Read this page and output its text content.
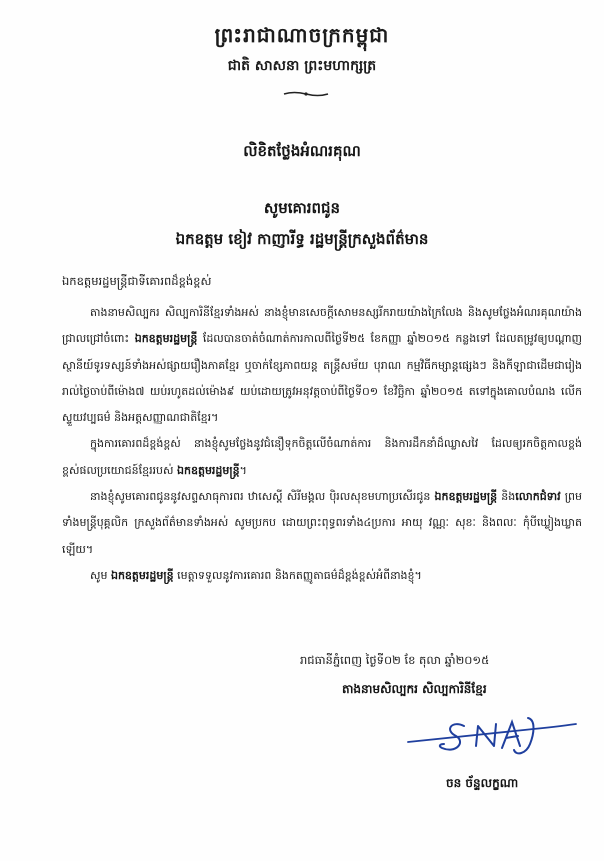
ព្រះរាជាណាចក្រកម្ពុជា
ជាតិ សាសនា ព្រះមហាក្សត្រ
លិខិតថ្លែងអំណរគុណ
សូមគោរពជូន
ឯកឧត្តម ខៀវ កាញារីទ្ធ រដ្ឋមន្ត្រីក្រសួងព័ត៌មាន
ឯកឧត្តមរដ្ឋមន្ត្រីជាទីគោរពដ៏ខ្ពង់ខ្ពស់

តាងនាមសិល្បករ សិល្បការិនីខ្មែរទាំងអស់ នាងខ្ញុំមានសេចក្តីសោមនស្សរីករាយយ៉ាងក្រៃលែង និងសូមថ្លែងអំណរគុណយ៉ាងជ្រាលជ្រៅចំពោះ ឯកឧត្តមរដ្ឋមន្ត្រី ដែលបានចាត់ចំណាត់ការកាលពីថ្ងៃទី២៥ ខែកញ្ញា ឆ្នាំ២០១៥ កន្លងទៅ ដែលតម្រូវឲ្យបណ្តាញស្ថានីយ៍ទូរទស្សន៍ទាំងអស់ផ្សាយរឿងភាគខ្មែរ ឬចាក់ខ្សែភាពយន្ត តន្ត្រីសម័យ បុរាណ កម្មវិធីកម្សាន្តផ្សេងៗ និងកីឡាជាដើមជារៀងរាល់ថ្ងៃចាប់ពីម៉ោង៧ យប់រហូតដល់ម៉ោង៩ យប់ដោយត្រូវអនុវត្តចាប់ពីថ្ងៃទី០១ ខែវិច្ឆិកា ឆ្នាំ២០១៥ តទៅក្នុងគោលបំណង លើកស្ទួយវប្បធម៌ និងអត្តសញ្ញាណជាតិខ្មែរ។

ក្នុងការគោរពដ៏ខ្ពង់ខ្ពស់ នាងខ្ញុំសូមថ្លែងនូវជំនឿទុកចិត្តលើចំណាត់ការ និងការដឹកនាំដ៏ឈ្លាសវៃ ដែលឲ្យរកចិត្តកាលខ្ពង់ខ្ពស់ផលប្រយោជន៍ខ្មែររបស់ ឯកឧត្តមរដ្ឋមន្ត្រី។

នាងខ្ញុំសូមគោរពជូននូវសព្ទសាធុការពរ ឋាសេស្តី សិរីមង្គល បុិរលសុខមហាប្រសើរជូន ឯកឧត្តមរដ្ឋមន្ត្រី និងលោកជំទាវ ព្រមទាំងមន្ត្រីបុគ្គលិក ក្រសួងព័ត៌មានទាំងអស់ សូមប្រកប ដោយព្រះពុទ្ធពរទាំង៤ប្រការ អាយុ វណ្ណៈ សុខៈ និងពលៈ កុំបីឃ្លៀងឃ្លាតឡើយ។

សូម ឯកឧត្តមរដ្ឋមន្ត្រី មេត្តាទទួលនូវការគោរព និងកតញ្ញូតាធម៌ដ៏ខ្ពង់ខ្ពស់អំពីនាងខ្ញុំ។

រាជធានីភ្នំពេញ ថ្ងៃទី០២ ខែ តុលា ឆ្នាំ២០១៥
តាងនាមសិល្បករ សិល្បការិនីខ្មែរ
ចន ច័ន្ទលក្ខណា
